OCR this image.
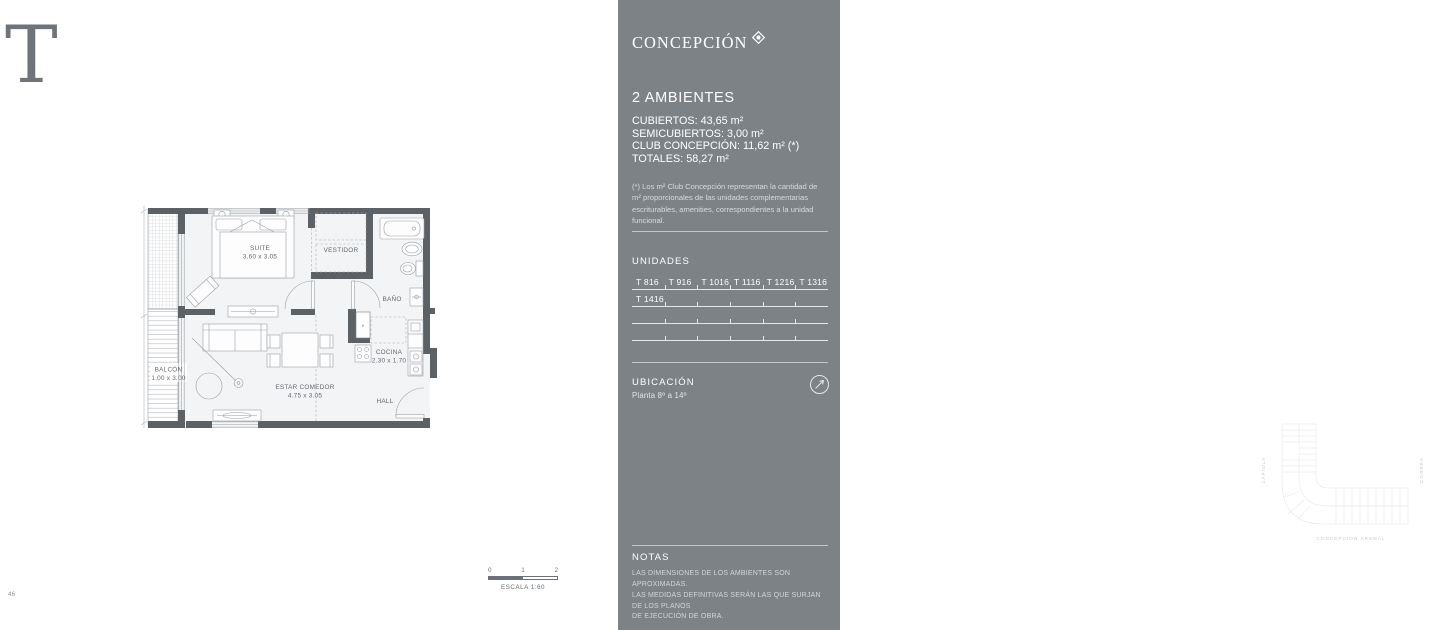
T
SUITE
3.60 x 3.05
VESTIDOR
BAÑO
COCINA
2.30 x 1.70
ESTAR COMEDOR
4.75 x 3.05
HALL
BALCÓN
1.00 x 3.00
v
0	1	2
ESCALA 1:60
46
CONCEPCIÓN
2 AMBIENTES
CUBIERTOS: 43,65 m²
SEMICUBIERTOS: 3,00 m²
CLUB CONCEPCIÓN: 11,62 m² (*)
TOTALES: 58,27 m²
(*) Los m² Club Concepción representan la cantidad de m² proporcionales de las unidades complementarias escriturables, amenities, correspondientes a la unidad funcional.
UNIDADES
T 816	T 916	T 1016 T 1116 T 1216 T 1316
T 1416
UBICACIÓN
Planta 8º a 14º
ZAPIOLA	CORREA
CONCEPCIÓN ARENAL
NOTAS
LAS DIMENSIONES DE LOS AMBIENTES SON APROXIMADAS.
LAS MEDIDAS DEFINITIVAS SERÁN LAS QUE SURJAN DE LOS PLANOS
DE EJECUCIÓN DE OBRA.
